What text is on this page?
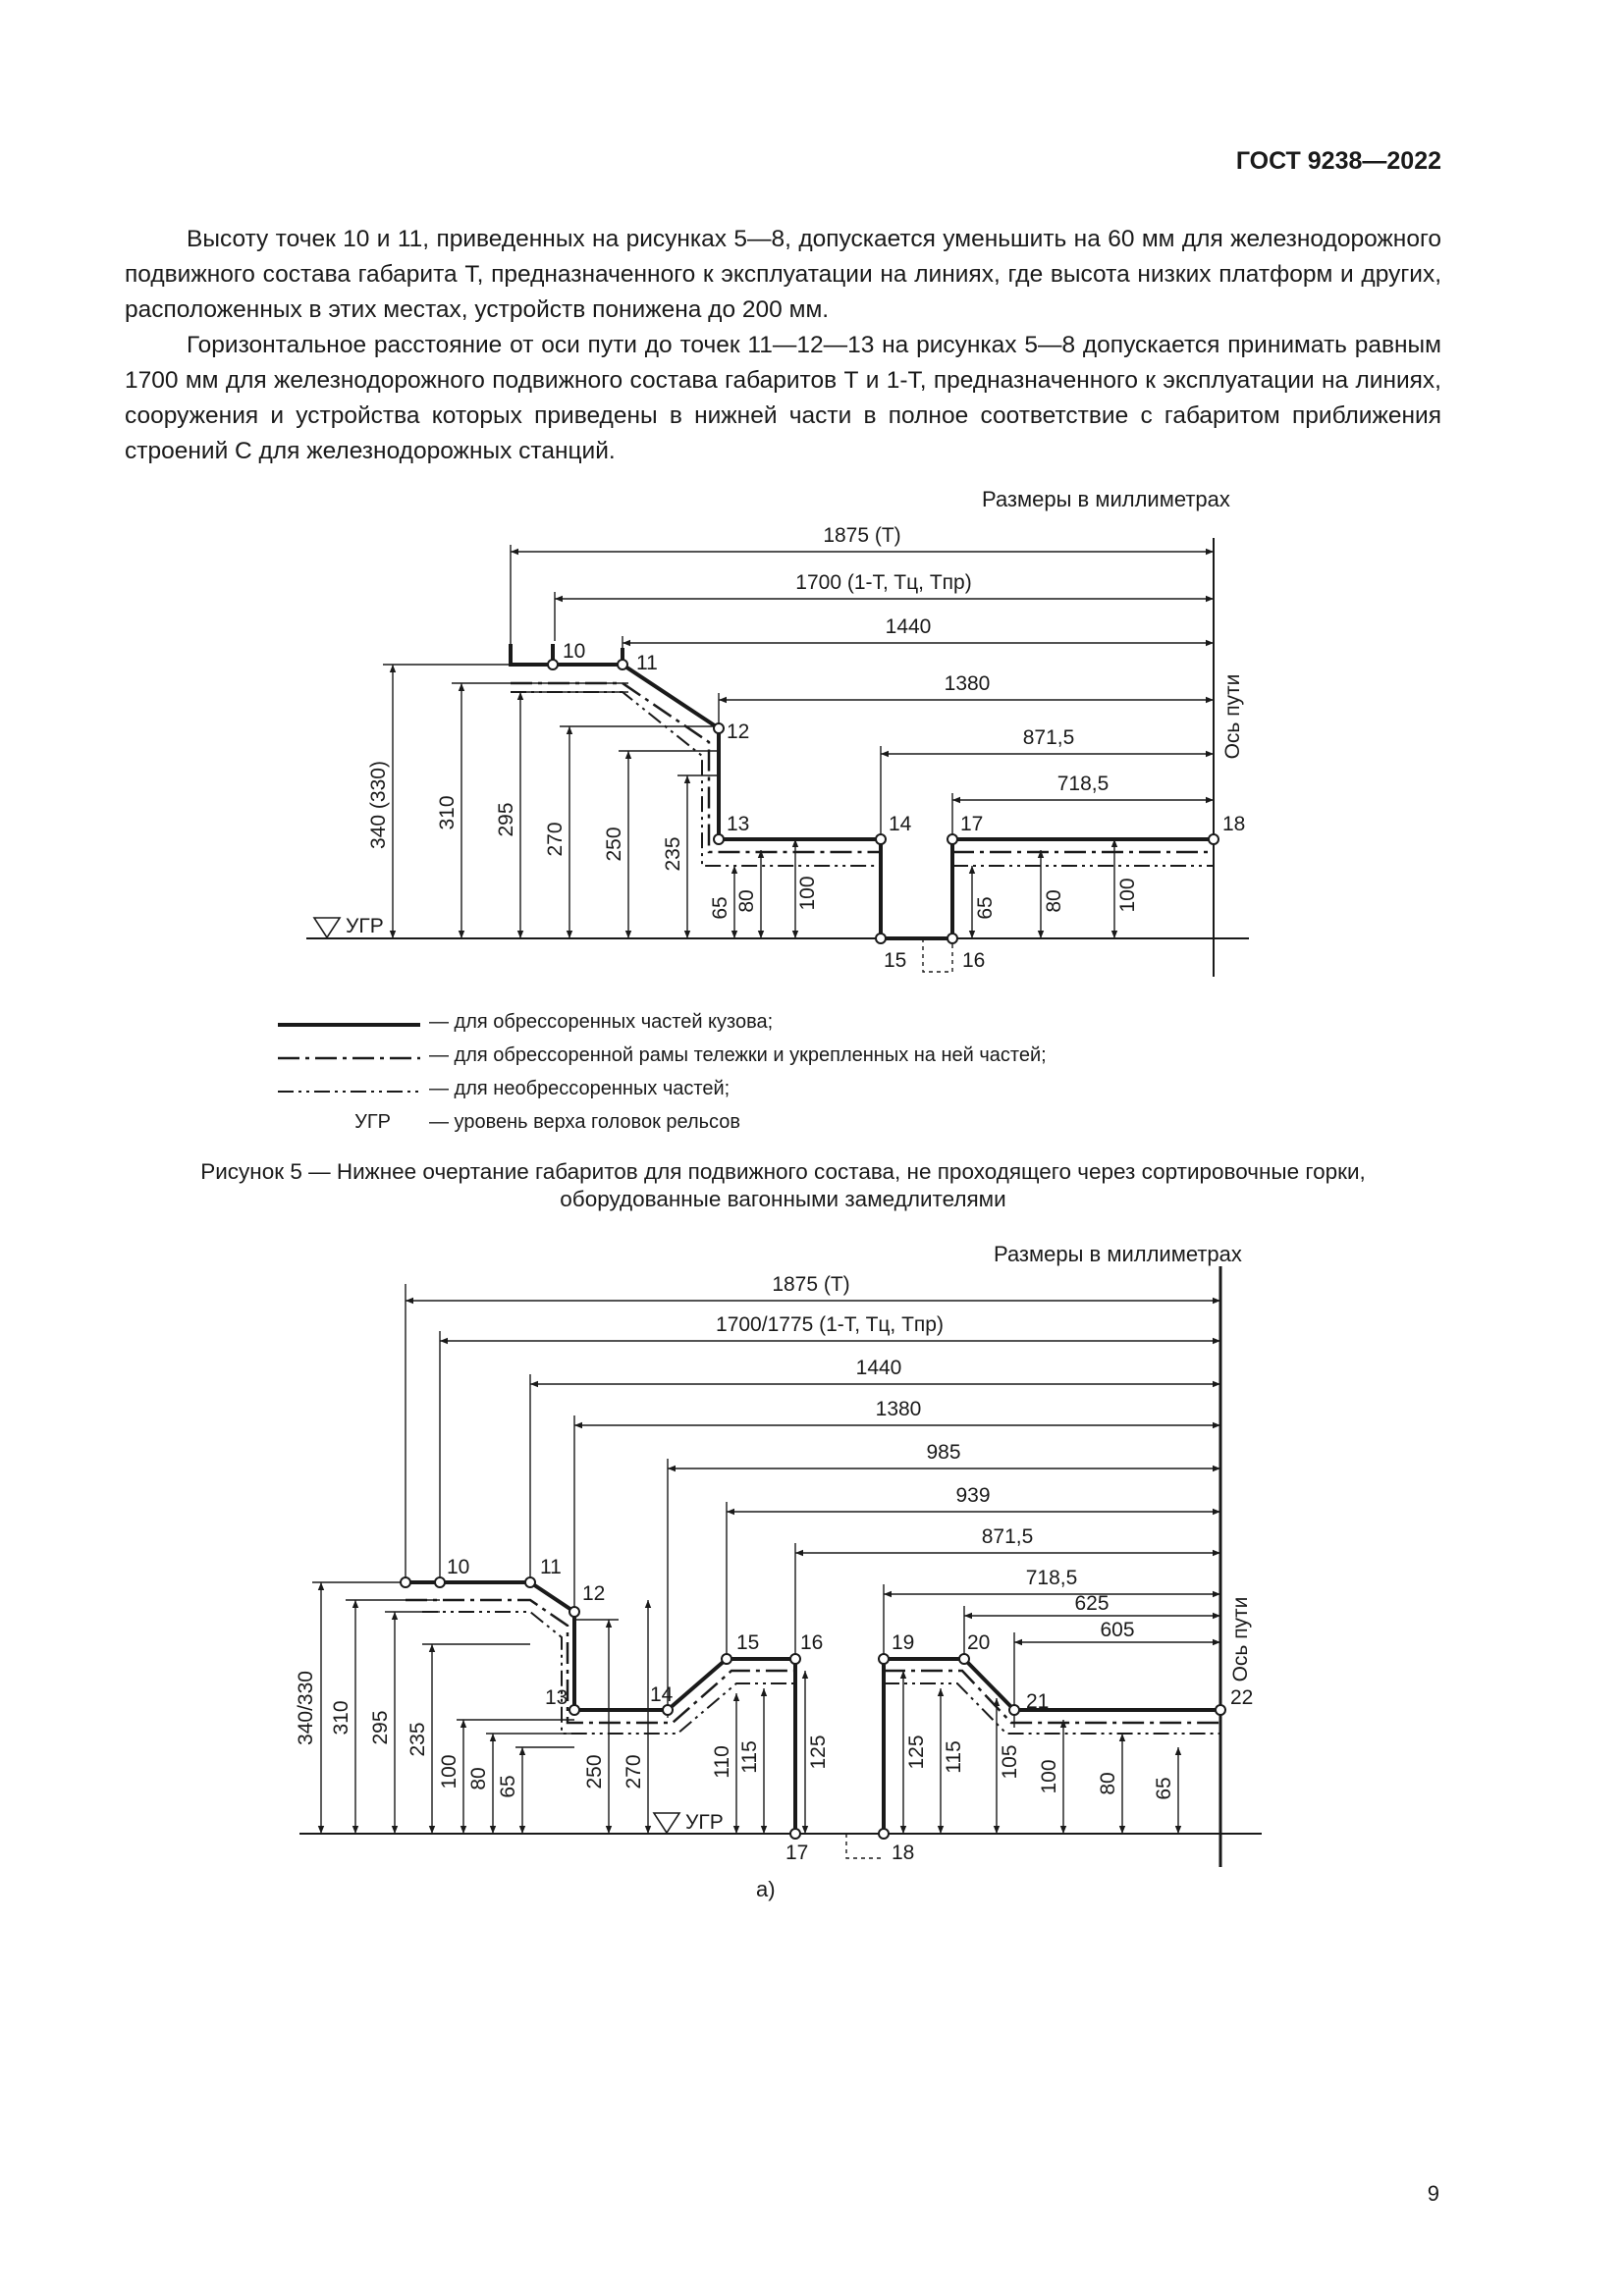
ГОСТ 9238—2022

Высоту точек 10 и 11, приведенных на рисунках 5—8, допускается уменьшить на 60 мм для железнодорожного подвижного состава габарита Т, предназначенного к эксплуатации на линиях, где высота низких платформ и других, расположенных в этих местах, устройств понижена до 200 мм.

Горизонтальное расстояние от оси пути до точек 11—12—13 на рисунках 5—8 допускается принимать равным 1700 мм для железнодорожного подвижного состава габаритов Т и 1-Т, предназначенного к эксплуатации на линиях, сооружения и устройства которых приведены в нижней части в полное соответствие с габаритом приближения строений С для железнодорожных станций.

Размеры в миллиметрах
1875 (T)
1700 (1-T, Tц, Tпр)
1440
1380
871,5
718,5
340 (330) 310 295
270 250 235
65 80 100	65 80 100
10
11
12
13	14
15	16
17	18
УГР
Ось пути
— для обрессоренных частей кузова;
— для обрессоренной рамы тележки и укрепленных на ней частей;
— для необрессоренных частей;
УГР — уровень верха головок рельсов
Рисунок 5 — Нижнее очертание габаритов для подвижного состава, не проходящего через сортировочные горки,
оборудованные вагонными замедлителями
Размеры в миллиметрах
1875 (T)
1700/1775 (1-T, Tц, Tпр)
1440
1380
985
939
871,5
718,5
625
605
340/330 310 295 235
100 80 65	250 270	110 115 125	125 115 105 100 80 65
10	11
12
13	14
15 16
17	18
19	20
21	22
УГР
Ось пути
а)
9
